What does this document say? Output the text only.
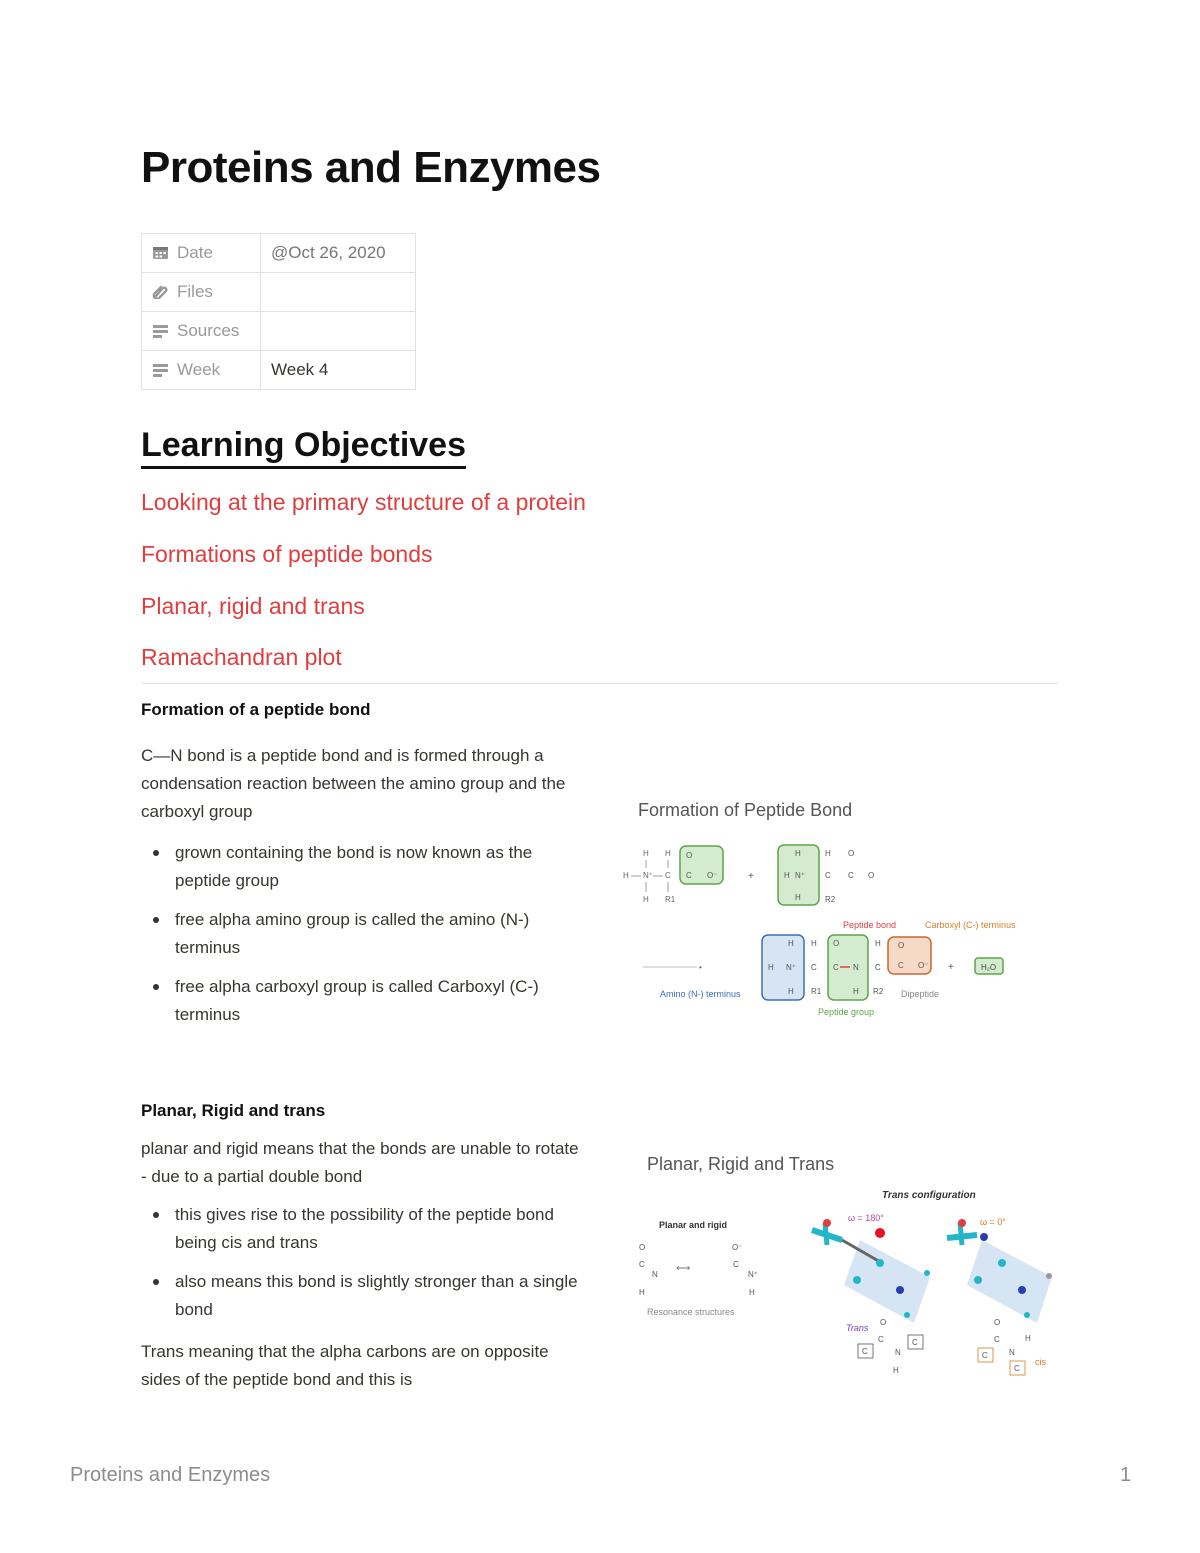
Proteins and Enzymes
Date	@Oct 26, 2020
Files	
Sources	
Week	Week 4
Learning Objectives
Looking at the primary structure of a protein
Formations of peptide bonds
Planar, rigid and trans
Ramachandran plot
Formation of a peptide bond
C—N bond is a peptide bond and is formed through a condensation reaction between the amino group and the carboxyl group
grown containing the bond is now known as the peptide group
free alpha amino group is called the amino (N-) terminus
free alpha carboxyl group is called Carboxyl (C-) terminus
Formation of Peptide Bond
H H
H N⁺ C
H R1
O
C O⁻	+
H
H N⁺
H
H O
C C O
R2
Peptide bond	Carboxyl (C-) terminus
•
H
H N⁺
H
H
C
R1
O
C N
H
H
C
R2
O
C O⁻ +	H₂O
Amino (N-) terminus	Dipeptide
Peptide group
Planar, Rigid and trans
planar and rigid means that the bonds are unable to rotate - due to a partial double bond
this gives rise to the possibility of the peptide bond being cis and trans
also means this bond is slightly stronger than a single bond
Trans meaning that the alpha carbons are on opposite sides of the peptide bond and this is
Planar, Rigid and Trans
Trans configuration
Planar and rigid
O
C
N
H
O⁻
C
N⁺
H
⟷
Resonance structures
ω = 180°	ω = 0°
Trans
O
C
N
H
C
C
O
C
N
H
C
C
cis
Proteins and Enzymes	1
